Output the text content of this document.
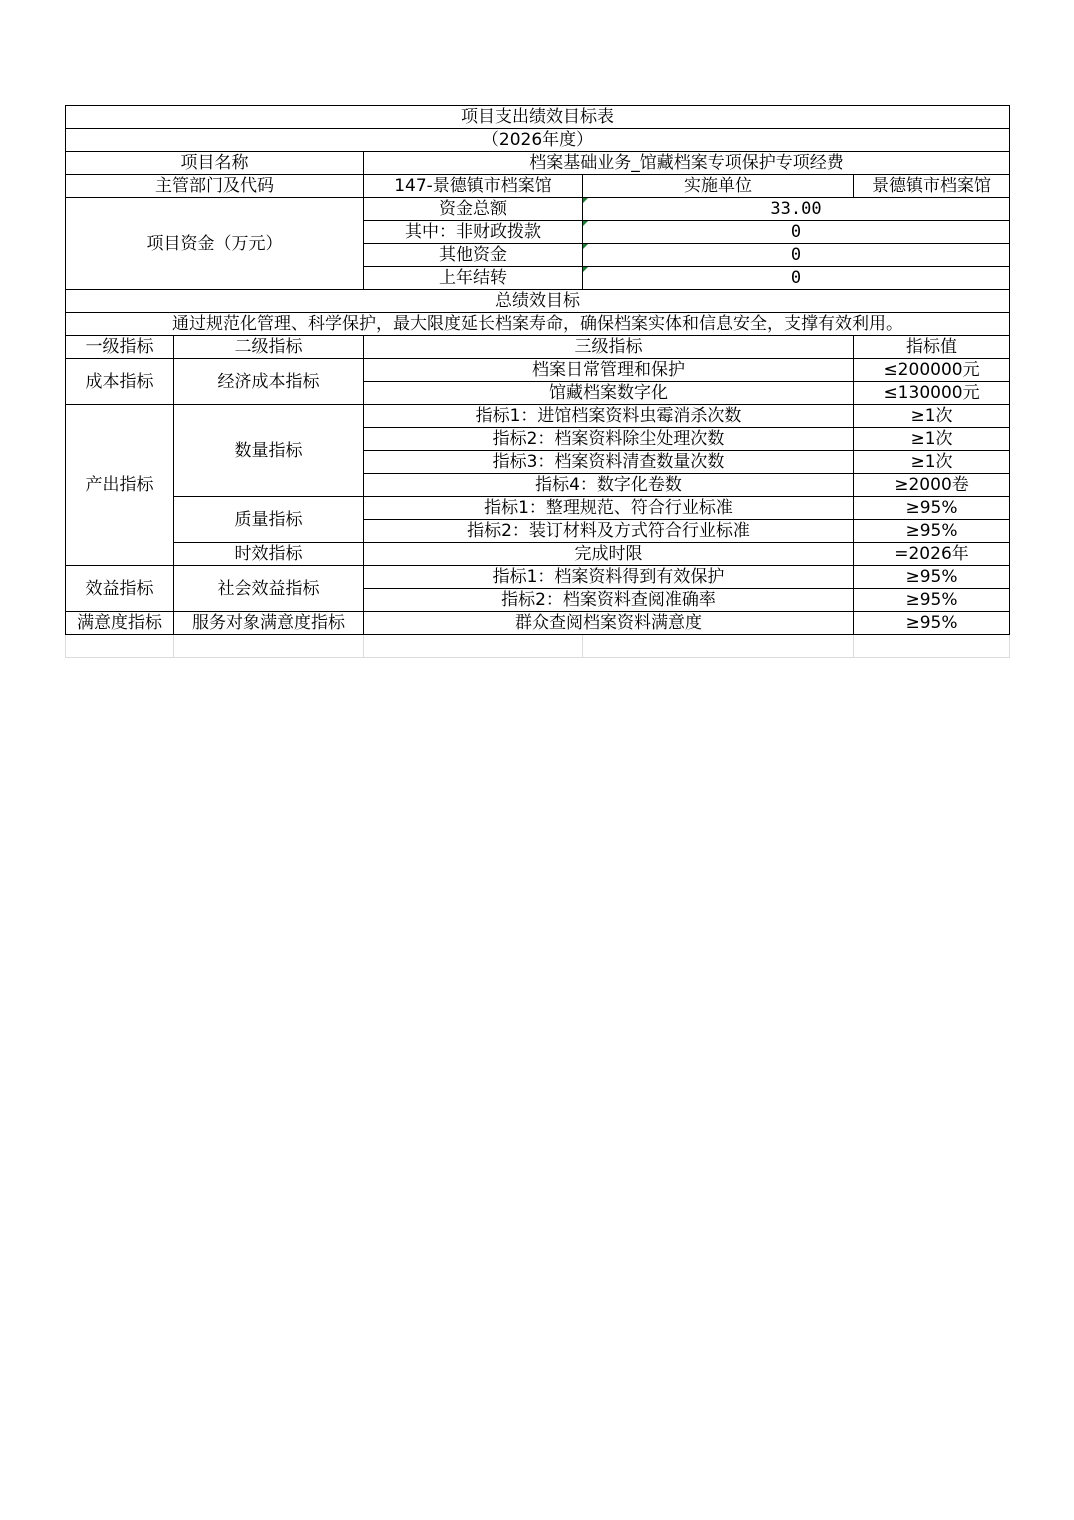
项目支出绩效目标表				
（2026年度）				
项目名称		档案基础业务_馆藏档案专项保护专项经费		
主管部门及代码		147-景德镇市档案馆	实施单位	景德镇市档案馆
项目资金（万元）		资金总额	33.00	
		其中：非财政拨款	0	
		其他资金	0	
		上年结转	0	
总绩效目标				
通过规范化管理、科学保护，最大限度延长档案寿命，确保档案实体和信息安全，支撑有效利用。				
一级指标	二级指标	三级指标		指标值
成本指标	经济成本指标	档案日常管理和保护		≤200000元
		馆藏档案数字化		≤130000元
产出指标	数量指标	指标1：进馆档案资料虫霉消杀次数		≥1次
		指标2：档案资料除尘处理次数		≥1次
		指标3：档案资料清查数量次数		≥1次
		指标4：数字化卷数		≥2000卷
	质量指标	指标1：整理规范、符合行业标准		≥95%
		指标2：装订材料及方式符合行业标准		≥95%
	时效指标	完成时限		=2026年
效益指标	社会效益指标	指标1：档案资料得到有效保护		≥95%
		指标2：档案资料查阅准确率		≥95%
满意度指标	服务对象满意度指标	群众查阅档案资料满意度		≥95%
